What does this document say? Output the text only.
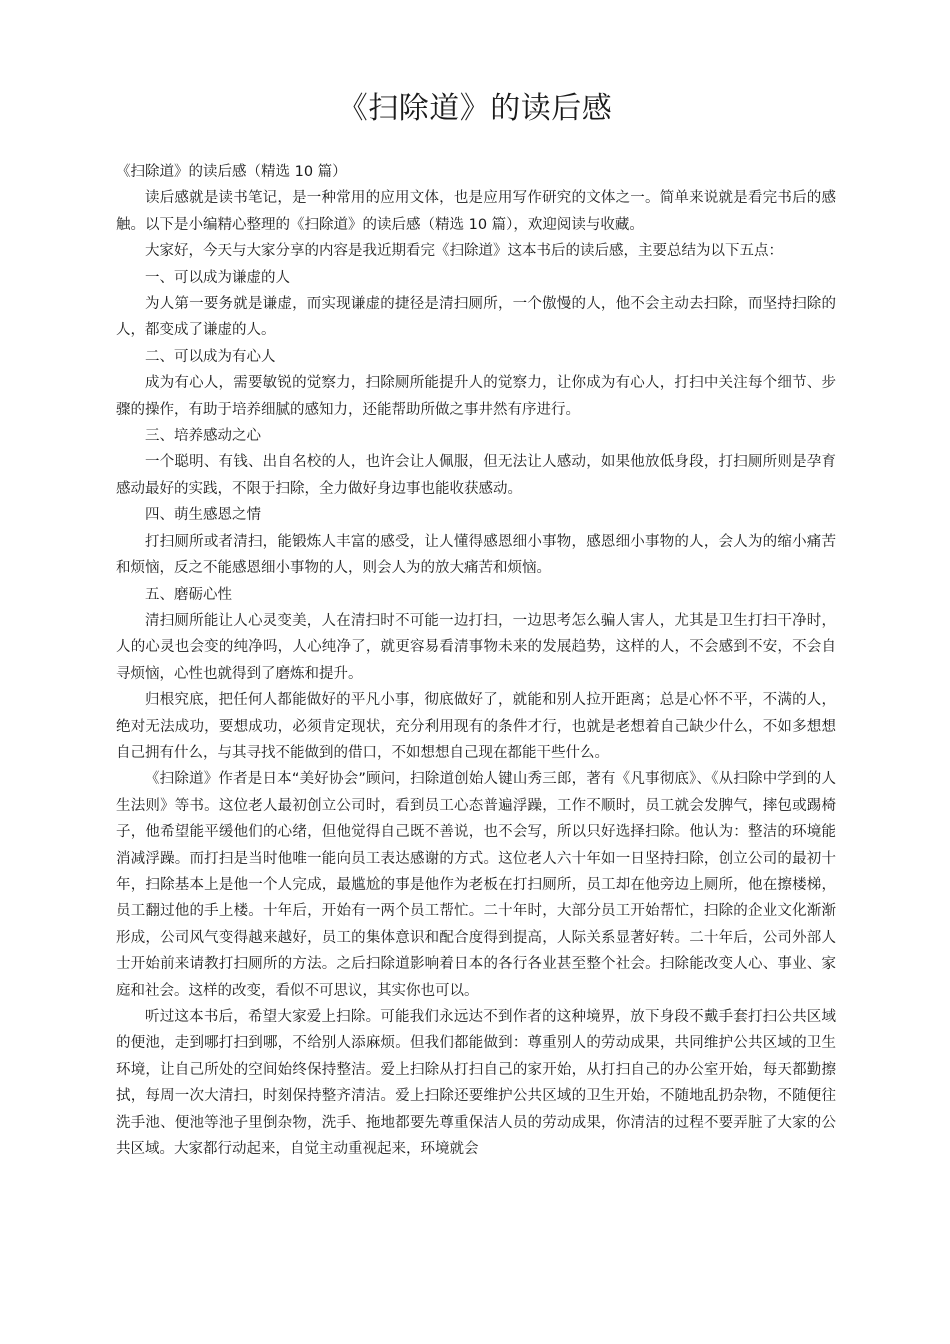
《扫除道》的读后感

《扫除道》的读后感（精选 10 篇）

读后感就是读书笔记，是一种常用的应用文体，也是应用写作研究的文体之一。简单来说就是看完书后的感触。以下是小编精心整理的《扫除道》的读后感（精选 10 篇），欢迎阅读与收藏。

大家好，今天与大家分享的内容是我近期看完《扫除道》这本书后的读后感，主要总结为以下五点：

一、可以成为谦虚的人

为人第一要务就是谦虚，而实现谦虚的捷径是清扫厕所，一个傲慢的人，他不会主动去扫除，而坚持扫除的人，都变成了谦虚的人。

二、可以成为有心人

成为有心人，需要敏锐的觉察力，扫除厕所能提升人的觉察力，让你成为有心人，打扫中关注每个细节、步骤的操作，有助于培养细腻的感知力，还能帮助所做之事井然有序进行。

三、培养感动之心

一个聪明、有钱、出自名校的人，也许会让人佩服，但无法让人感动，如果他放低身段，打扫厕所则是孕育感动最好的实践，不限于扫除，全力做好身边事也能收获感动。

四、萌生感恩之情

打扫厕所或者清扫，能锻炼人丰富的感受，让人懂得感恩细小事物，感恩细小事物的人，会人为的缩小痛苦和烦恼，反之不能感恩细小事物的人，则会人为的放大痛苦和烦恼。

五、磨砺心性

清扫厕所能让人心灵变美，人在清扫时不可能一边打扫，一边思考怎么骗人害人，尤其是卫生打扫干净时，人的心灵也会变的纯净吗，人心纯净了，就更容易看清事物未来的发展趋势，这样的人，不会感到不安，不会自寻烦恼，心性也就得到了磨炼和提升。

归根究底，把任何人都能做好的平凡小事，彻底做好了，就能和别人拉开距离；总是心怀不平，不满的人，绝对无法成功，要想成功，必须肯定现状，充分利用现有的条件才行，也就是老想着自己缺少什么，不如多想想自己拥有什么，与其寻找不能做到的借口，不如想想自己现在都能干些什么。

《扫除道》作者是日本“美好协会”顾问，扫除道创始人键山秀三郎，著有《凡事彻底》、《从扫除中学到的人生法则》等书。这位老人最初创立公司时，看到员工心态普遍浮躁，工作不顺时，员工就会发脾气，摔包或踢椅子，他希望能平缓他们的心绪，但他觉得自己既不善说，也不会写，所以只好选择扫除。他认为：整洁的环境能消减浮躁。而打扫是当时他唯一能向员工表达感谢的方式。这位老人六十年如一日坚持扫除，创立公司的最初十年，扫除基本上是他一个人完成，最尴尬的事是他作为老板在打扫厕所，员工却在他旁边上厕所，他在擦楼梯，员工翻过他的手上楼。十年后，开始有一两个员工帮忙。二十年时，大部分员工开始帮忙，扫除的企业文化渐渐形成，公司风气变得越来越好，员工的集体意识和配合度得到提高，人际关系显著好转。二十年后，公司外部人士开始前来请教打扫厕所的方法。之后扫除道影响着日本的各行各业甚至整个社会。扫除能改变人心、事业、家庭和社会。这样的改变，看似不可思议，其实你也可以。

听过这本书后，希望大家爱上扫除。可能我们永远达不到作者的这种境界，放下身段不戴手套打扫公共区域的便池，走到哪打扫到哪，不给别人添麻烦。但我们都能做到：尊重别人的劳动成果，共同维护公共区域的卫生环境，让自己所处的空间始终保持整洁。爱上扫除从打扫自己的家开始，从打扫自己的办公室开始，每天都勤擦拭，每周一次大清扫，时刻保持整齐清洁。爱上扫除还要维护公共区域的卫生开始，不随地乱扔杂物，不随便往洗手池、便池等池子里倒杂物，洗手、拖地都要先尊重保洁人员的劳动成果，你清洁的过程不要弄脏了大家的公共区域。大家都行动起来，自觉主动重视起来，环境就会
